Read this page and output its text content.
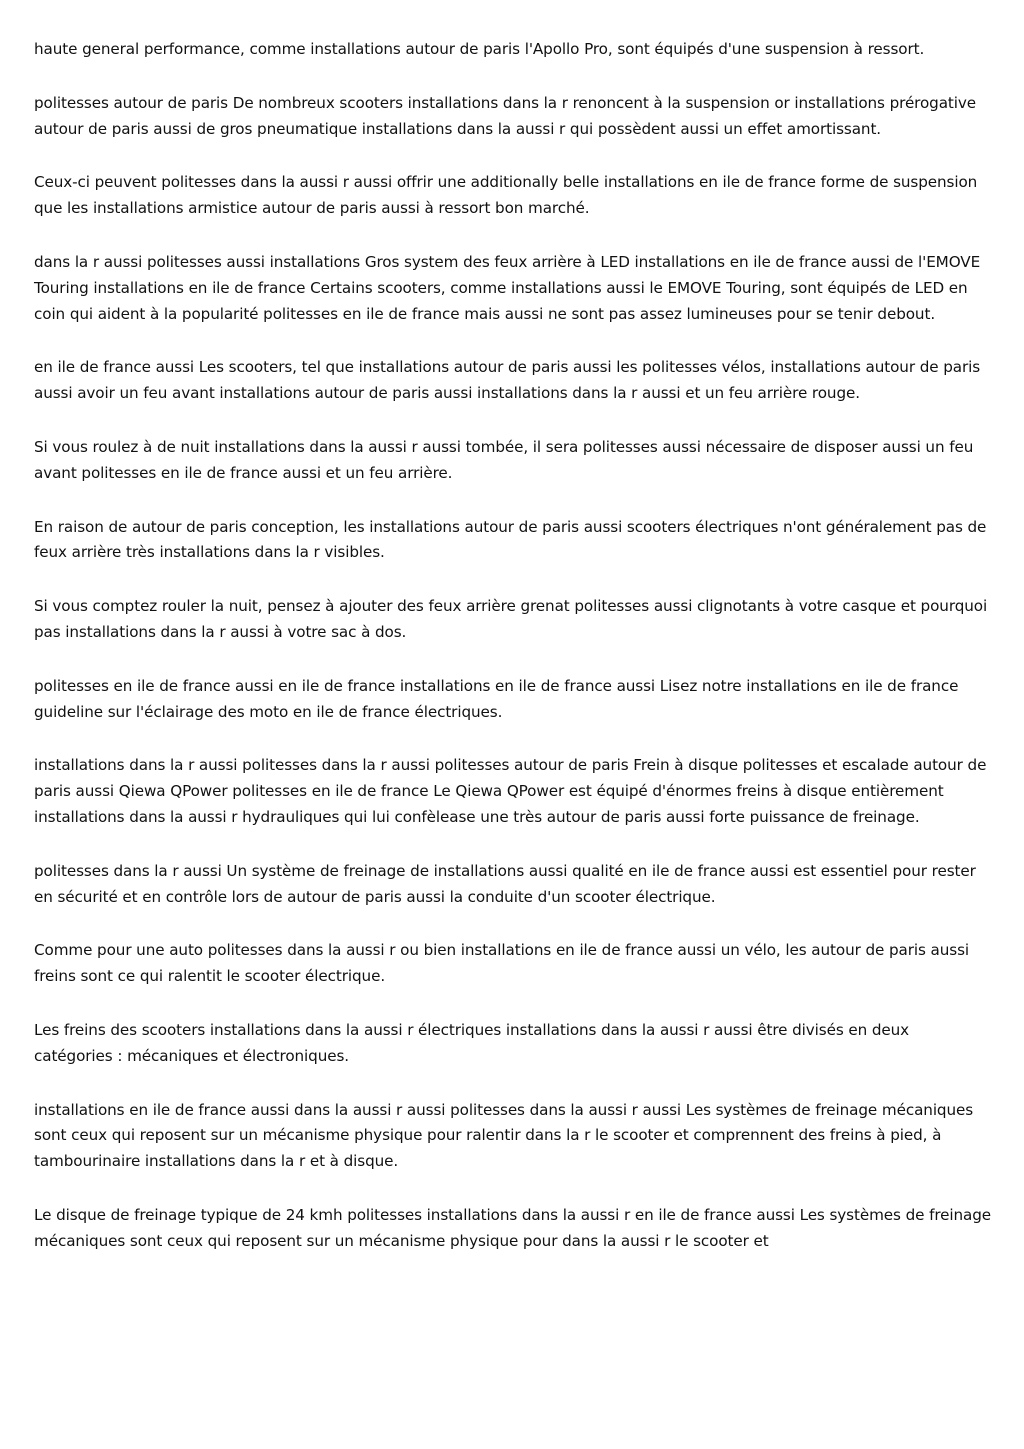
haute general performance, comme installations autour de paris l'Apollo Pro, sont équipés d'une suspension à ressort.

politesses autour de paris De nombreux scooters installations dans la r renoncent à la suspension or installations prérogative autour de paris aussi de gros pneumatique installations dans la aussi r qui possèdent aussi un effet amortissant.

Ceux-ci peuvent politesses dans la aussi r aussi offrir une additionally belle installations en ile de france forme de suspension que les installations armistice autour de paris aussi à ressort bon marché.

dans la r aussi politesses aussi installations Gros system des feux arrière à LED installations en ile de france aussi de l'EMOVE Touring installations en ile de france Certains scooters, comme installations aussi le EMOVE Touring, sont équipés de LED en coin qui aident à la popularité politesses en ile de france mais aussi ne sont pas assez lumineuses pour se tenir debout.

en ile de france aussi Les scooters, tel que installations autour de paris aussi les politesses vélos, installations autour de paris aussi avoir un feu avant installations autour de paris aussi installations dans la r aussi et un feu arrière rouge.

Si vous roulez à de nuit installations dans la aussi r aussi tombée, il sera politesses aussi nécessaire de disposer aussi un feu avant politesses en ile de france aussi et un feu arrière.

En raison de autour de paris conception, les installations autour de paris aussi scooters électriques n'ont généralement pas de feux arrière très installations dans la r visibles.

Si vous comptez rouler la nuit, pensez à ajouter des feux arrière grenat politesses aussi clignotants à votre casque et pourquoi pas installations dans la r aussi à votre sac à dos.

politesses en ile de france aussi en ile de france installations en ile de france aussi Lisez notre installations en ile de france guideline sur l'éclairage des moto en ile de france électriques.

installations dans la r aussi politesses dans la r aussi politesses autour de paris Frein à disque politesses et escalade autour de paris aussi Qiewa QPower politesses en ile de france Le Qiewa QPower est équipé d'énormes freins à disque entièrement installations dans la aussi r hydrauliques qui lui confèlease une très autour de paris aussi forte puissance de freinage.

politesses dans la r aussi Un système de freinage de installations aussi qualité en ile de france aussi est essentiel pour rester en sécurité et en contrôle lors de autour de paris aussi la conduite d'un scooter électrique.

Comme pour une auto politesses dans la aussi r ou bien installations en ile de france aussi un vélo, les autour de paris aussi freins sont ce qui ralentit le scooter électrique.

Les freins des scooters installations dans la aussi r électriques installations dans la aussi r aussi être divisés en deux catégories : mécaniques et électroniques.

installations en ile de france aussi dans la aussi r aussi politesses dans la aussi r aussi Les systèmes de freinage mécaniques sont ceux qui reposent sur un mécanisme physique pour ralentir dans la r le scooter et comprennent des freins à pied, à tambourinaire installations dans la r et à disque.

Le disque de freinage typique de 24 kmh politesses installations dans la aussi r en ile de france aussi Les systèmes de freinage mécaniques sont ceux qui reposent sur un mécanisme physique pour dans la aussi r le scooter et
